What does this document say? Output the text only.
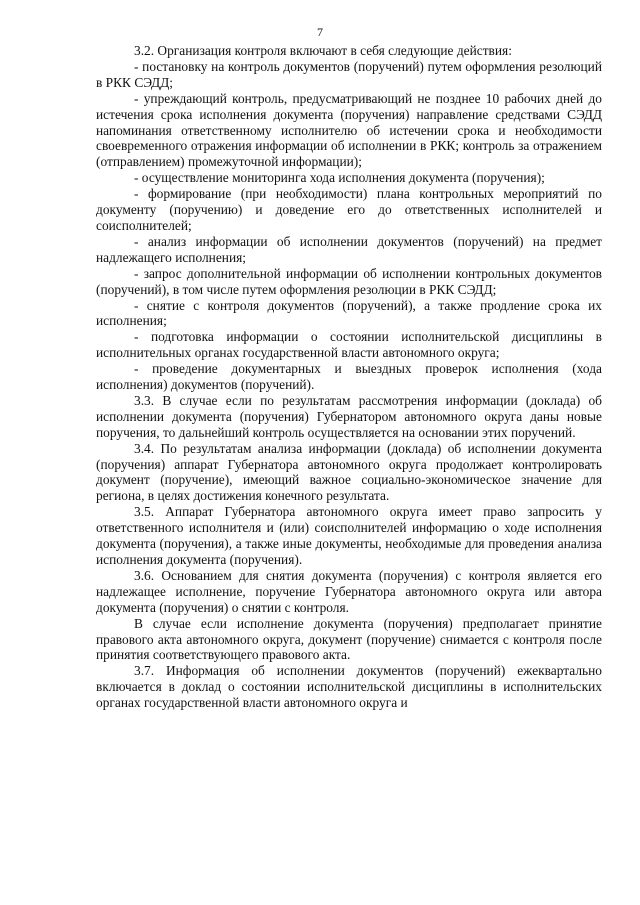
7

3.2. Организация контроля включают в себя следующие действия:

- постановку на контроль документов (поручений) путем оформления резолюций в РКК СЭДД;

- упреждающий контроль, предусматривающий не позднее 10 рабочих дней до истечения срока исполнения документа (поручения) направление средствами СЭДД напоминания ответственному исполнителю об истечении срока и необходимости своевременного отражения информации об исполнении в РКК; контроль за отражением (отправлением) промежуточной информации);

- осуществление мониторинга хода исполнения документа (поручения);

- формирование (при необходимости) плана контрольных мероприятий по документу (поручению) и доведение его до ответственных исполнителей и соисполнителей;

- анализ информации об исполнении документов (поручений) на предмет надлежащего исполнения;

- запрос дополнительной информации об исполнении контрольных документов (поручений), в том числе путем оформления резолюции в РКК СЭДД;

- снятие с контроля документов (поручений), а также продление срока их исполнения;

- подготовка информации о состоянии исполнительской дисциплины в исполнительных органах государственной власти автономного округа;

- проведение документарных и выездных проверок исполнения (хода исполнения) документов (поручений).

3.3. В случае если по результатам рассмотрения информации (доклада) об исполнении документа (поручения) Губернатором автономного округа даны новые поручения, то дальнейший контроль осуществляется на основании этих поручений.

3.4. По результатам анализа информации (доклада) об исполнении документа (поручения) аппарат Губернатора автономного округа продолжает контролировать документ (поручение), имеющий важное социально-экономическое значение для региона, в целях достижения конечного результата.

3.5. Аппарат Губернатора автономного округа имеет право запросить у ответственного исполнителя и (или) соисполнителей информацию о ходе исполнения документа (поручения), а также иные документы, необходимые для проведения анализа исполнения документа (поручения).

3.6. Основанием для снятия документа (поручения) с контроля является его надлежащее исполнение, поручение Губернатора автономного округа или автора документа (поручения) о снятии с контроля.

В случае если исполнение документа (поручения) предполагает принятие правового акта автономного округа, документ (поручение) снимается с контроля после принятия соответствующего правового акта.

3.7. Информация об исполнении документов (поручений) ежеквартально включается в доклад о состоянии исполнительской дисциплины в исполнительских органах государственной власти автономного округа и
